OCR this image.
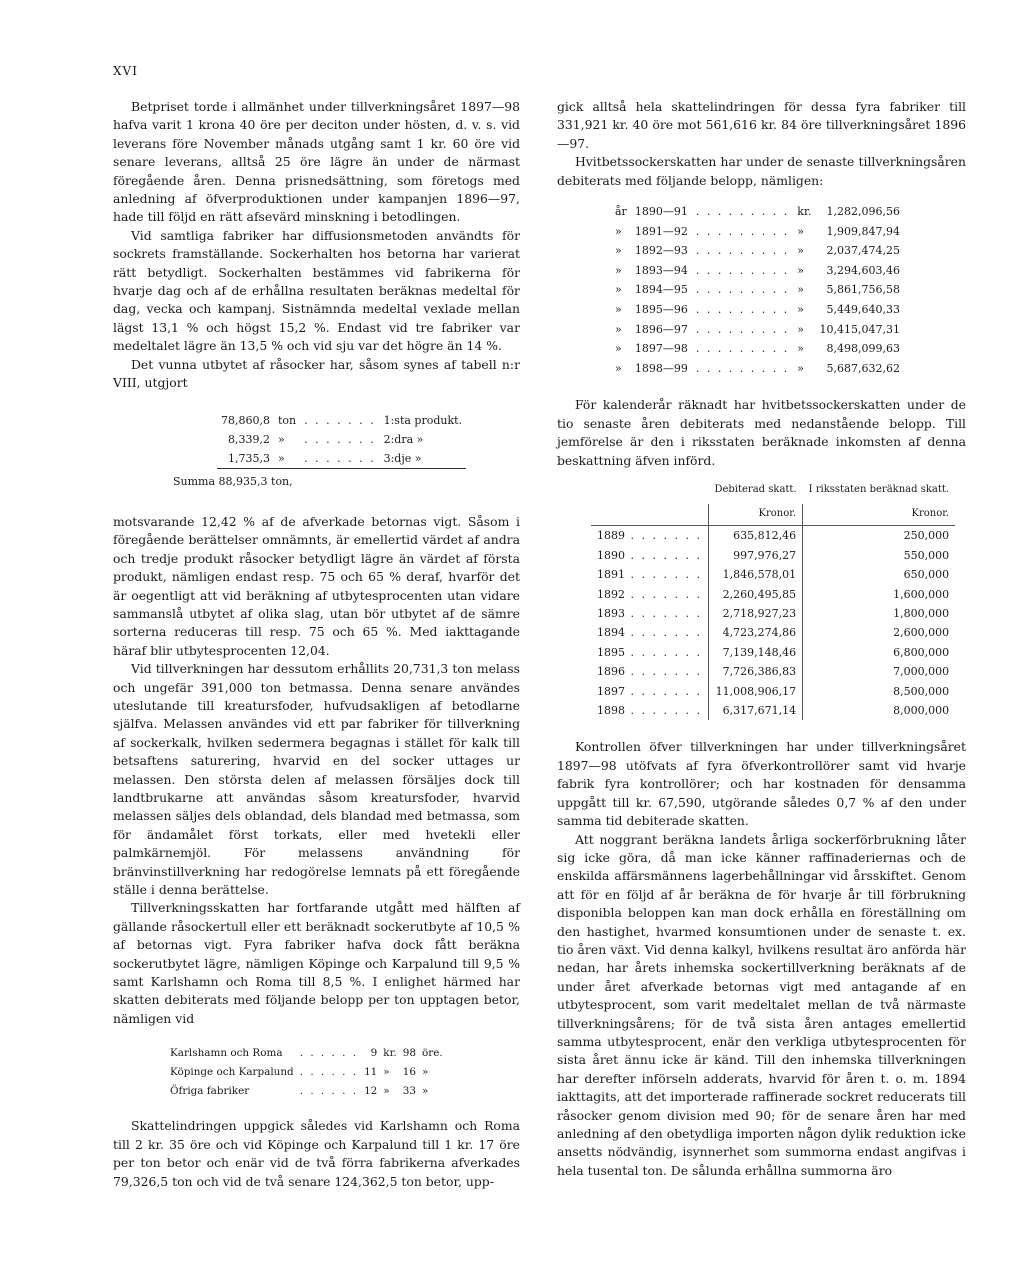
XVI

Betpriset torde i allmänhet under tillverkningsåret 1897—98 hafva varit 1 krona 40 öre per deciton under hösten, d. v. s. vid leverans före November månads utgång samt 1 kr. 60 öre vid senare leverans, alltså 25 öre lägre än under de närmast föregående åren. Denna prisnedsättning, som företogs med anledning af öfverproduktionen under kampanjen 1896—97, hade till följd en rätt afsevärd minskning i betodlingen.

Vid samtliga fabriker har diffusionsmetoden användts för sockrets framställande. Sockerhalten hos betorna har varierat rätt betydligt. Sockerhalten bestämmes vid fabrikerna för hvarje dag och af de erhållna resultaten beräknas medeltal för dag, vecka och kampanj. Sistnämnda medeltal vexlade mellan lägst 13,1 % och högst 15,2 %. Endast vid tre fabriker var medeltalet lägre än 13,5 % och vid sju var det högre än 14 %.

Det vunna utbytet af råsocker har, såsom synes af tabell n:r VIII, utgjort

78,860,8	ton	. . . . . . .	1:sta produkt.
8,339,2	»	. . . . . . .	2:dra »
1,735,3	»	. . . . . . .	3:dje »

Summa 88,935,3 ton,

motsvarande 12,42 % af de afverkade betornas vigt. Såsom i föregående berättelser omnämnts, är emellertid värdet af andra och tredje produkt råsocker betydligt lägre än värdet af första produkt, nämligen endast resp. 75 och 65 % deraf, hvarför det är oegentligt att vid beräkning af utbytesprocenten utan vidare sammanslå utbytet af olika slag, utan bör utbytet af de sämre sorterna reduceras till resp. 75 och 65 %. Med iakttagande häraf blir utbytesprocenten 12,04.

Vid tillverkningen har dessutom erhållits 20,731,3 ton melass och ungefär 391,000 ton betmassa. Denna senare användes uteslutande till kreatursfoder, hufvudsakligen af betodlarne själfva. Melassen användes vid ett par fabriker för tillverkning af sockerkalk, hvilken sedermera begagnas i stället för kalk till betsaftens saturering, hvarvid en del socker uttages ur melassen. Den största delen af melassen försäljes dock till landtbrukarne att användas såsom kreatursfoder, hvarvid melassen säljes dels oblandad, dels blandad med betmassa, som för ändamålet först torkats, eller med hvetekli eller palmkärnemjöl. För melassens användning för bränvinstillverkning har redogörelse lemnats på ett föregående ställe i denna berättelse.

Tillverkningsskatten har fortfarande utgått med hälften af gällande råsockertull eller ett beräknadt sockerutbyte af 10,5 % af betornas vigt. Fyra fabriker hafva dock fått beräkna sockerutbytet lägre, nämligen Köpinge och Karpalund till 9,5 % samt Karlshamn och Roma till 8,5 %. I enlighet härmed har skatten debiterats med följande belopp per ton upptagen betor, nämligen vid

Karlshamn och Roma	. . . . . .	9	kr.	98	öre.
Köpinge och Karpalund	. . . . . .	11	»	16	»
Öfriga fabriker	. . . . . .	12	»	33	»

Skattelindringen uppgick således vid Karlshamn och Roma till 2 kr. 35 öre och vid Köpinge och Karpalund till 1 kr. 17 öre per ton betor och enär vid de två förra fabrikerna afverkades 79,326,5 ton och vid de två senare 124,362,5 ton betor, upp-

gick alltså hela skattelindringen för dessa fyra fabriker till 331,921 kr. 40 öre mot 561,616 kr. 84 öre tillverkningsåret 1896—97.

Hvitbetssockerskatten har under de senaste tillverkningsåren debiterats med följande belopp, nämligen:

år	1890—91	. . . . . . . . .	kr.	1,282,096,56
»	1891—92	. . . . . . . . .	»	1,909,847,94
»	1892—93	. . . . . . . . .	»	2,037,474,25
»	1893—94	. . . . . . . . .	»	3,294,603,46
»	1894—95	. . . . . . . . .	»	5,861,756,58
»	1895—96	. . . . . . . . .	»	5,449,640,33
»	1896—97	. . . . . . . . .	»	10,415,047,31
»	1897—98	. . . . . . . . .	»	8,498,099,63
»	1898—99	. . . . . . . . .	»	5,687,632,62

För kalenderår räknadt har hvitbetssockerskatten under de tio senaste åren debiterats med nedanstående belopp. Till jemförelse är den i riksstaten beräknade inkomsten af denna beskattning äfven införd.

	Debiterad skatt.	I riksstaten beräknad skatt.
	Kronor.	Kronor.
1889 . . . . . . .	635,812,46	250,000
1890 . . . . . . .	997,976,27	550,000
1891 . . . . . . .	1,846,578,01	650,000
1892 . . . . . . .	2,260,495,85	1,600,000
1893 . . . . . . .	2,718,927,23	1,800,000
1894 . . . . . . .	4,723,274,86	2,600,000
1895 . . . . . . .	7,139,148,46	6,800,000
1896 . . . . . . .	7,726,386,83	7,000,000
1897 . . . . . . .	11,008,906,17	8,500,000
1898 . . . . . . .	6,317,671,14	8,000,000

Kontrollen öfver tillverkningen har under tillverkningsåret 1897—98 utöfvats af fyra öfverkontrollörer samt vid hvarje fabrik fyra kontrollörer; och har kostnaden för densamma uppgått till kr. 67,590, utgörande således 0,7 % af den under samma tid debiterade skatten.

Att noggrant beräkna landets årliga sockerförbrukning låter sig icke göra, då man icke känner raffinaderiernas och de enskilda affärsmännens lagerbehållningar vid årsskiftet. Genom att för en följd af år beräkna de för hvarje år till förbrukning disponibla beloppen kan man dock erhålla en föreställning om den hastighet, hvarmed konsumtionen under de senaste t. ex. tio åren växt. Vid denna kalkyl, hvilkens resultat äro anförda här nedan, har årets inhemska sockertillverkning beräknats af de under året afverkade betornas vigt med antagande af en utbytesprocent, som varit medeltalet mellan de två närmaste tillverkningsårens; för de två sista åren antages emellertid samma utbytesprocent, enär den verkliga utbytesprocenten för sista året ännu icke är känd. Till den inhemska tillverkningen har derefter införseln adderats, hvarvid för åren t. o. m. 1894 iakttagits, att det importerade raffinerade sockret reducerats till råsocker genom division med 90; för de senare åren har med anledning af den obetydliga importen någon dylik reduktion icke ansetts nödvändig, isynnerhet som summorna endast angifvas i hela tusental ton. De sålunda erhållna summorna äro
